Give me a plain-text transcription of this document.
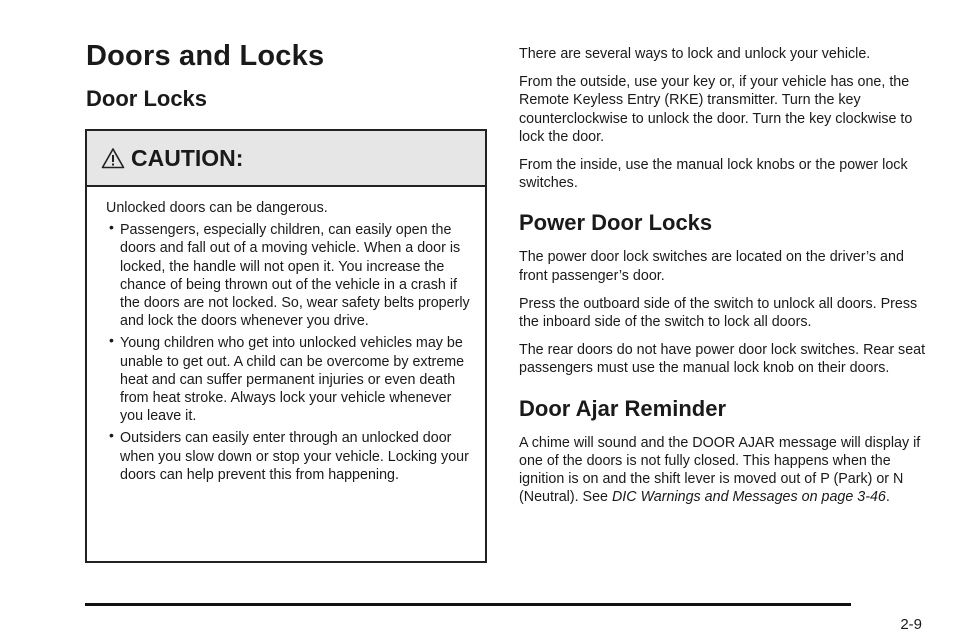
Doors and Locks
Door Locks
CAUTION:

Unlocked doors can be dangerous.

• Passengers, especially children, can easily open the doors and fall out of a moving vehicle. When a door is locked, the handle will not open it. You increase the chance of being thrown out of the vehicle in a crash if the doors are not locked. So, wear safety belts properly and lock the doors whenever you drive.
• Young children who get into unlocked vehicles may be unable to get out. A child can be overcome by extreme heat and can suffer permanent injuries or even death from heat stroke. Always lock your vehicle whenever you leave it.
• Outsiders can easily enter through an unlocked door when you slow down or stop your vehicle. Locking your doors can help prevent this from happening.

There are several ways to lock and unlock your vehicle.

From the outside, use your key or, if your vehicle has one, the Remote Keyless Entry (RKE) transmitter. Turn the key counterclockwise to unlock the door. Turn the key clockwise to lock the door.

From the inside, use the manual lock knobs or the power lock switches.

Power Door Locks

The power door lock switches are located on the driver’s and front passenger’s door.

Press the outboard side of the switch to unlock all doors. Press the inboard side of the switch to lock all doors.

The rear doors do not have power door lock switches. Rear seat passengers must use the manual lock knob on their doors.

Door Ajar Reminder

A chime will sound and the DOOR AJAR message will display if one of the doors is not fully closed. This happens when the ignition is on and the shift lever is moved out of P (Park) or N (Neutral). See DIC Warnings and Messages on page 3-46.

2-9
